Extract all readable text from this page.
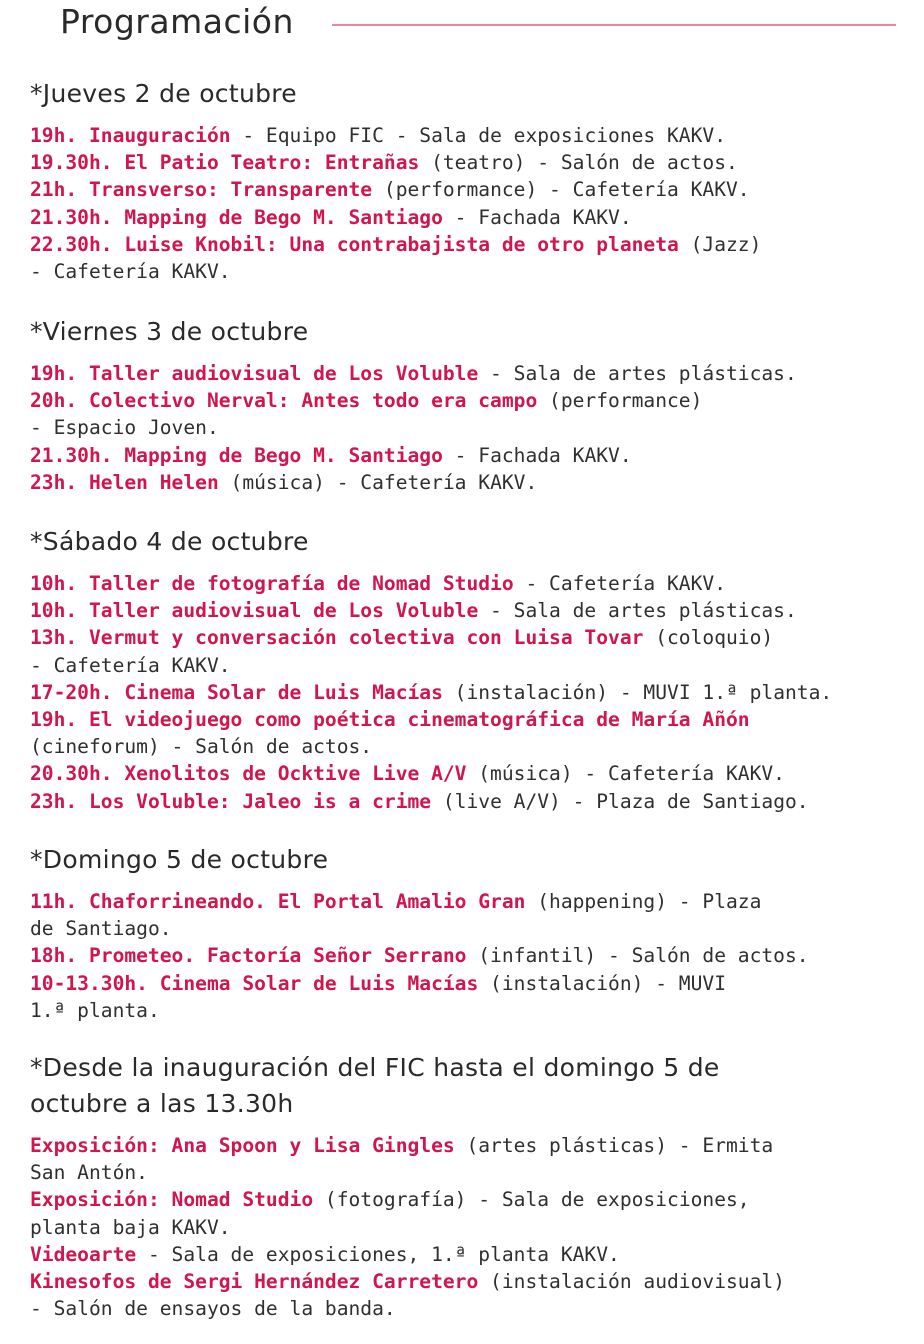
Programación
*Jueves 2 de octubre
19h. Inauguración - Equipo FIC - Sala de exposiciones KAKV.
19.30h. El Patio Teatro: Entrañas (teatro) - Salón de actos.
21h. Transverso: Transparente (performance) - Cafetería KAKV.
21.30h. Mapping de Bego M. Santiago - Fachada KAKV.
22.30h. Luise Knobil: Una contrabajista de otro planeta (Jazz)
- Cafetería KAKV.
*Viernes 3 de octubre
19h. Taller audiovisual de Los Voluble - Sala de artes plásticas.
20h. Colectivo Nerval: Antes todo era campo (performance)
- Espacio Joven.
21.30h. Mapping de Bego M. Santiago - Fachada KAKV.
23h. Helen Helen (música) - Cafetería KAKV.
*Sábado 4 de octubre
10h. Taller de fotografía de Nomad Studio - Cafetería KAKV.
10h. Taller audiovisual de Los Voluble - Sala de artes plásticas.
13h. Vermut y conversación colectiva con Luisa Tovar (coloquio)
- Cafetería KAKV.
17-20h. Cinema Solar de Luis Macías (instalación) - MUVI 1.ª planta.
19h. El videojuego como poética cinematográfica de María Añón
(cineforum) - Salón de actos.
20.30h. Xenolitos de Ocktive Live A/V (música) - Cafetería KAKV.
23h. Los Voluble: Jaleo is a crime (live A/V) - Plaza de Santiago.
*Domingo 5 de octubre
11h. Chaforrineando. El Portal Amalio Gran (happening) - Plaza
de Santiago.
18h. Prometeo. Factoría Señor Serrano (infantil) - Salón de actos.
10-13.30h. Cinema Solar de Luis Macías (instalación) - MUVI
1.ª planta.
*Desde la inauguración del FIC hasta el domingo 5 de octubre a las 13.30h
Exposición: Ana Spoon y Lisa Gingles (artes plásticas) - Ermita
San Antón.
Exposición: Nomad Studio (fotografía) - Sala de exposiciones,
planta baja KAKV.
Videoarte - Sala de exposiciones, 1.ª planta KAKV.
Kinesofos de Sergi Hernández Carretero (instalación audiovisual)
- Salón de ensayos de la banda.
